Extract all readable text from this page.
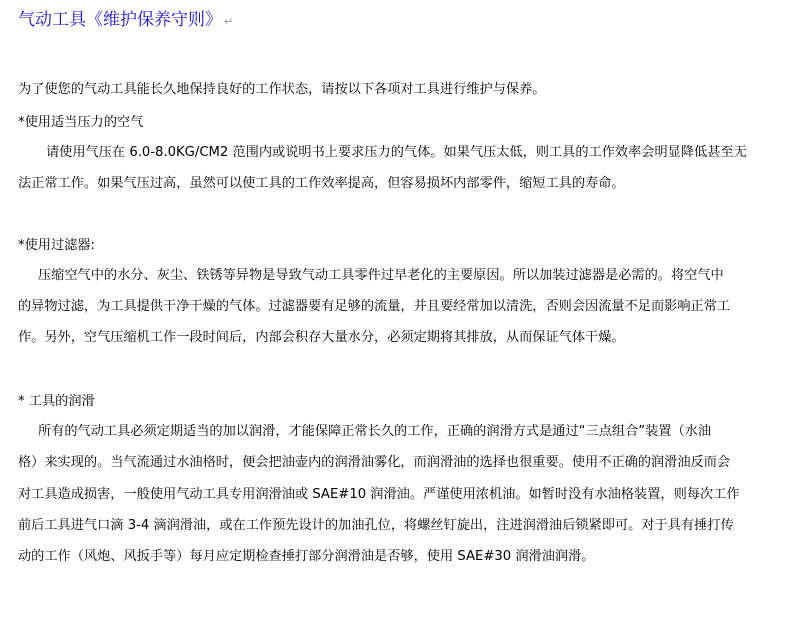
气动工具《维护保养守则》 ↵
为了使您的气动工具能长久地保持良好的工作状态，请按以下各项对工具进行维护与保养。
*使用适当压力的空气
请使用气压在 6.0-8.0KG/CM2 范围内或说明书上要求压力的气体。如果气压太低，则工具的工作效率会明显降低甚至无
法正常工作。如果气压过高，虽然可以使工具的工作效率提高，但容易损坏内部零件，缩短工具的寿命。
*使用过滤器:
压缩空气中的水分、灰尘、铁锈等异物是导致气动工具零件过早老化的主要原因。所以加装过滤器是必需的。将空气中
的异物过滤，为工具提供干净干燥的气体。过滤器要有足够的流量，并且要经常加以清洗，否则会因流量不足而影响正常工
作。另外，空气压缩机工作一段时间后，内部会积存大量水分，必须定期将其排放，从而保证气体干燥。
* 工具的润滑
所有的气动工具必须定期适当的加以润滑，才能保障正常长久的工作，正确的润滑方式是通过“三点组合”装置（水油
格）来实现的。当气流通过水油格时，便会把油壶内的润滑油雾化，而润滑油的选择也很重要。使用不正确的润滑油反而会
对工具造成损害，一般使用气动工具专用润滑油或 SAE#10 润滑油。严谨使用浓机油。如暂时没有水油格装置，则每次工作
前后工具进气口滴 3-4 滴润滑油，或在工作预先设计的加油孔位，将螺丝钉旋出，注进润滑油后锁紧即可。对于具有捶打传
动的工作（风炮、风扳手等）每月应定期检查捶打部分润滑油是否够，使用 SAE#30 润滑油润滑。
